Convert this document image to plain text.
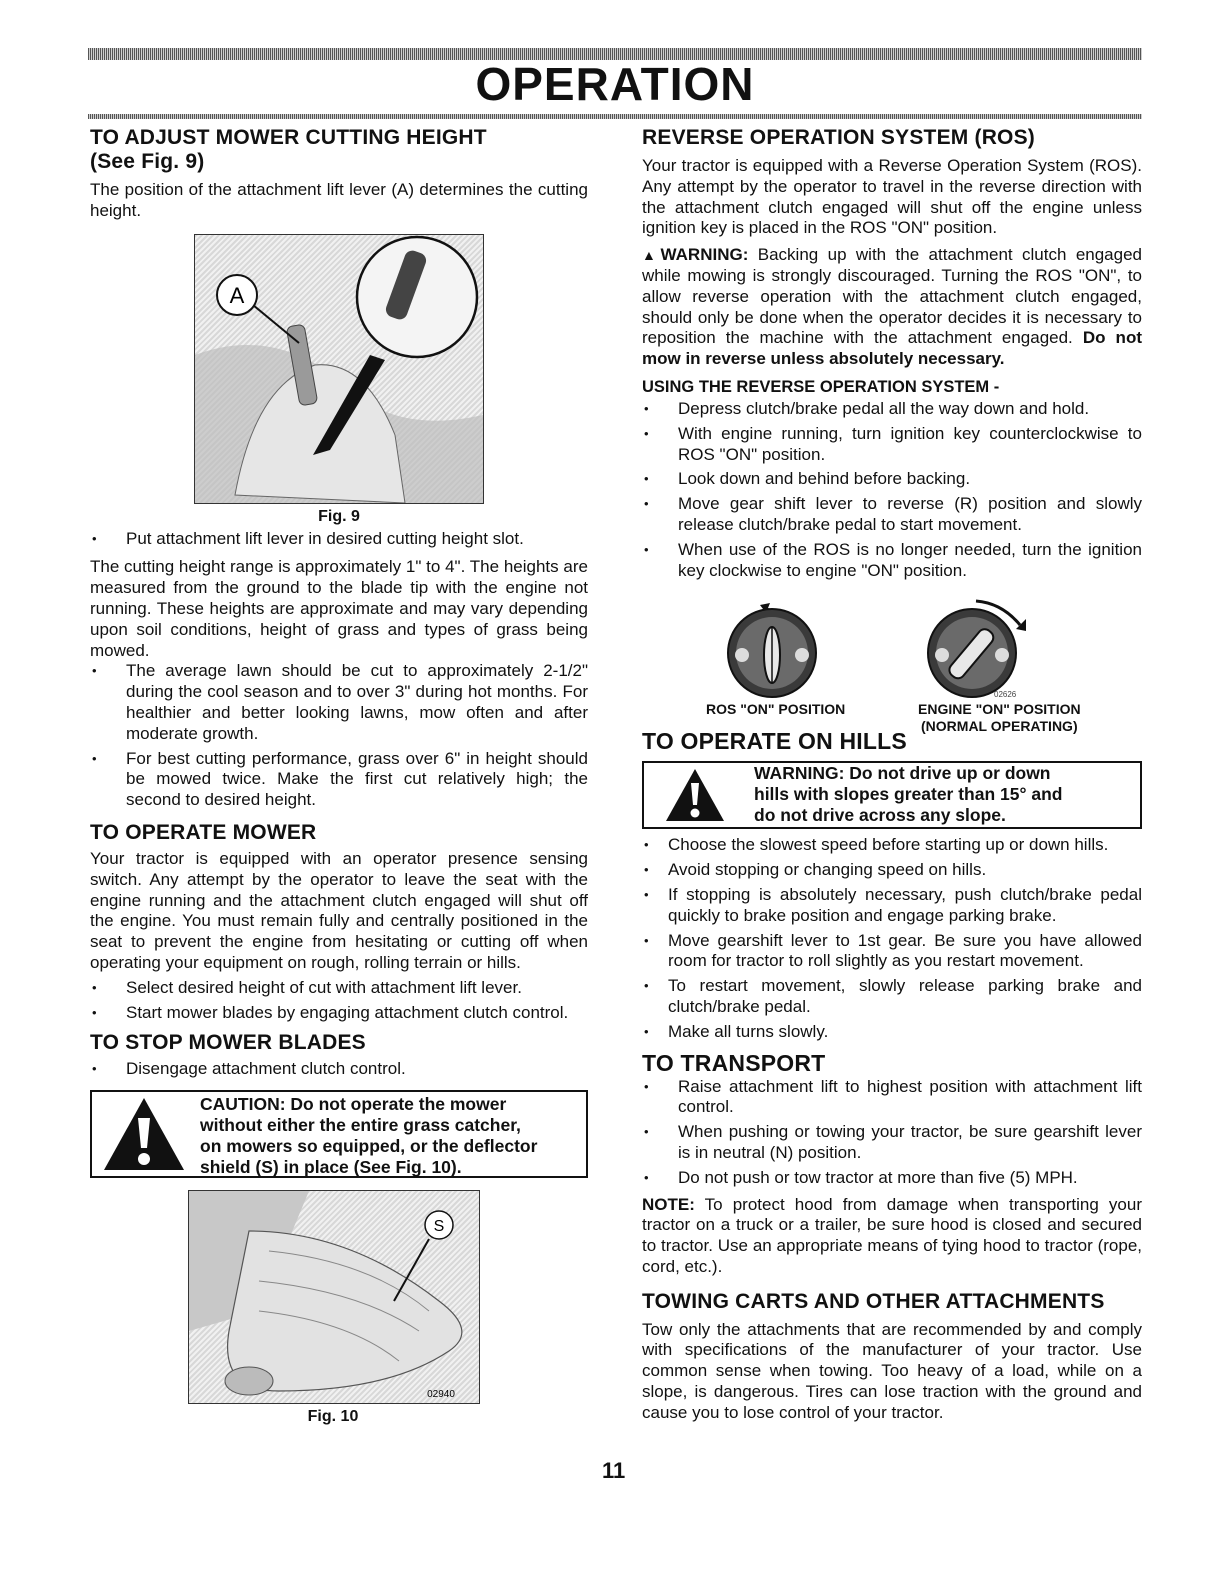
OPERATION
TO ADJUST MOWER CUTTING HEIGHT
(See Fig. 9)

The position of the attachment lift lever (A) determines the cutting height.

A
Fig. 9
• Put attachment lift lever in desired cutting height slot.

The cutting height range is approximately 1" to 4". The heights are measured from the ground to the blade tip with the engine not running. These heights are approximate and may vary depending upon soil conditions, height of grass and types of grass being mowed.

• The average lawn should be cut to approximately 2-1/2" during the cool season and to over 3" during hot months. For healthier and better looking lawns, mow often and after moderate growth.
• For best cutting performance, grass over 6" in height should be mowed twice. Make the first cut relatively high; the second to desired height.
TO OPERATE MOWER

Your tractor is equipped with an operator presence sensing switch. Any attempt by the operator to leave the seat with the engine running and the attachment clutch engaged will shut off the engine. You must remain fully and centrally positioned in the seat to prevent the engine from hesitating or cutting off when operating your equipment on rough, rolling terrain or hills.

• Select desired height of cut with attachment lift lever.
• Start mower blades by engaging attachment clutch control.
TO STOP MOWER BLADES
• Disengage attachment clutch control.
CAUTION: Do not operate the mower
without either the entire grass catcher,
on mowers so equipped, or the deflector
shield (S) in place (See Fig. 10).
S
02940
Fig. 10
REVERSE OPERATION SYSTEM (ROS)

Your tractor is equipped with a Reverse Operation System (ROS). Any attempt by the operator to travel in the reverse direction with the attachment clutch engaged will shut off the engine unless ignition key is placed in the ROS "ON" position.

▲WARNING: Backing up with the attachment clutch engaged while mowing is strongly discouraged. Turning the ROS "ON", to allow reverse operation with the attachment clutch engaged, should only be done when the operator decides it is necessary to reposition the machine with the attachment engaged. Do not mow in reverse unless absolutely necessary.

USING THE REVERSE OPERATION SYSTEM -
• Depress clutch/brake pedal all the way down and hold.
• With engine running, turn ignition key counterclockwise to ROS "ON" position.
• Look down and behind before backing.
• Move gear shift lever to reverse (R) position and slowly release clutch/brake pedal to start movement.
• When use of the ROS is no longer needed, turn the ignition key clockwise to engine "ON" position.
02626
ROS "ON" POSITION	ENGINE "ON" POSITION
(NORMAL OPERATING)
TO OPERATE ON HILLS
WARNING: Do not drive up or down
hills with slopes greater than 15° and
do not drive across any slope.
• Choose the slowest speed before starting up or down hills.
• Avoid stopping or changing speed on hills.
• If stopping is absolutely necessary, push clutch/brake pedal quickly to brake position and engage parking brake.
• Move gearshift lever to 1st gear. Be sure you have allowed room for tractor to roll slightly as you restart movement.
• To restart movement, slowly release parking brake and clutch/brake pedal.
• Make all turns slowly.
TO TRANSPORT
• Raise attachment lift to highest position with attachment lift control.
• When pushing or towing your tractor, be sure gearshift lever is in neutral (N) position.
• Do not push or tow tractor at more than five (5) MPH.

NOTE: To protect hood from damage when transporting your tractor on a truck or a trailer, be sure hood is closed and secured to tractor. Use an appropriate means of tying hood to tractor (rope, cord, etc.).

TOWING CARTS AND OTHER ATTACHMENTS

Tow only the attachments that are recommended by and comply with specifications of the manufacturer of your tractor. Use common sense when towing. Too heavy of a load, while on a slope, is dangerous. Tires can lose traction with the ground and cause you to lose control of your tractor.

11
